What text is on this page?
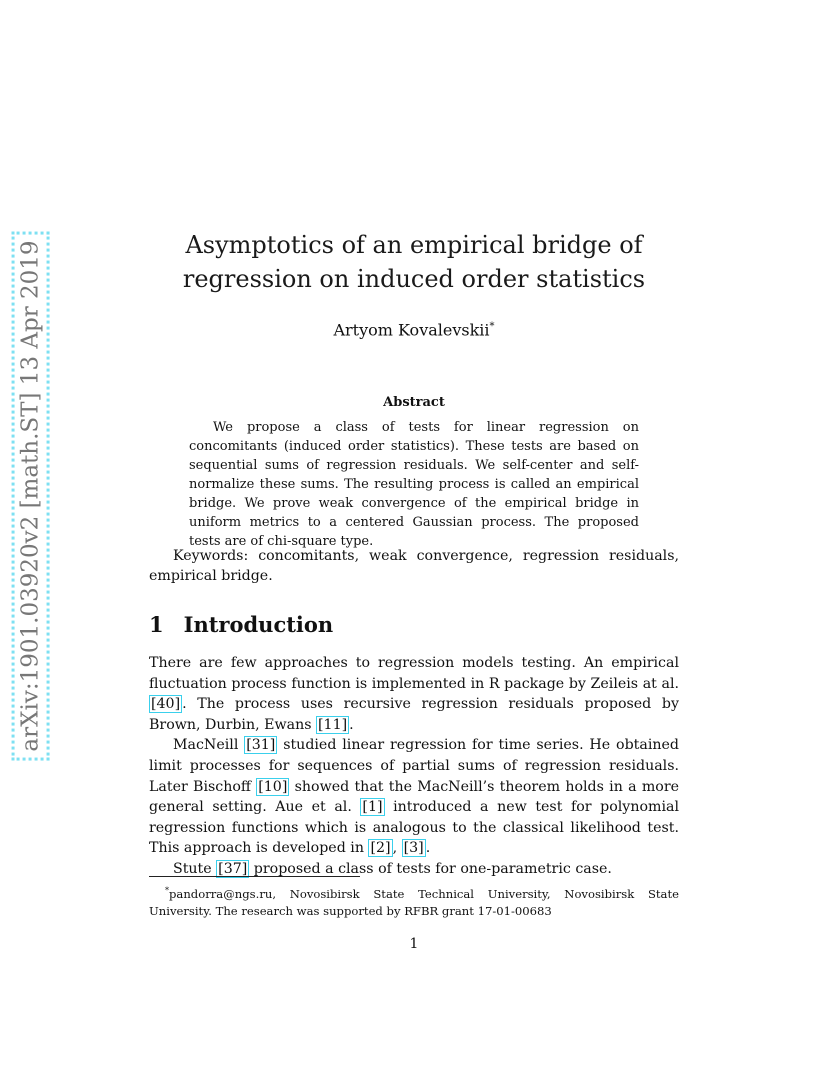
arXiv:1901.03920v2 [math.ST] 13 Apr 2019	Asymptotics of an empirical bridge of
regression on induced order statistics
Artyom Kovalevskii*
Abstract

We propose a class of tests for linear regression on concomitants (induced order statistics). These tests are based on sequential sums of regression residuals. We self-center and self-normalize these sums. The resulting process is called an empirical bridge. We prove weak convergence of the empirical bridge in uniform metrics to a centered Gaussian process. The proposed tests are of chi-square type.

Keywords: concomitants, weak convergence, regression residuals, empirical bridge.

1 Introduction

There are few approaches to regression models testing. An empirical fluctuation process function is implemented in R package by Zeileis at al. [40] . The process uses recursive regression residuals proposed by Brown, Durbin, Ewans [11] .

MacNeill [31] studied linear regression for time series. He obtained limit processes for sequences of partial sums of regression residuals. Later Bischoff [10] showed that the MacNeill’s theorem holds in a more general setting. Aue et al. [1] introduced a new test for polynomial regression functions which is analogous to the classical likelihood test. This approach is developed in [2] , [3] .

Stute [37] proposed a class of tests for one-parametric case.

*pandorra@ngs.ru, Novosibirsk State Technical University, Novosibirsk State University. The research was supported by RFBR grant 17-01-00683

1
